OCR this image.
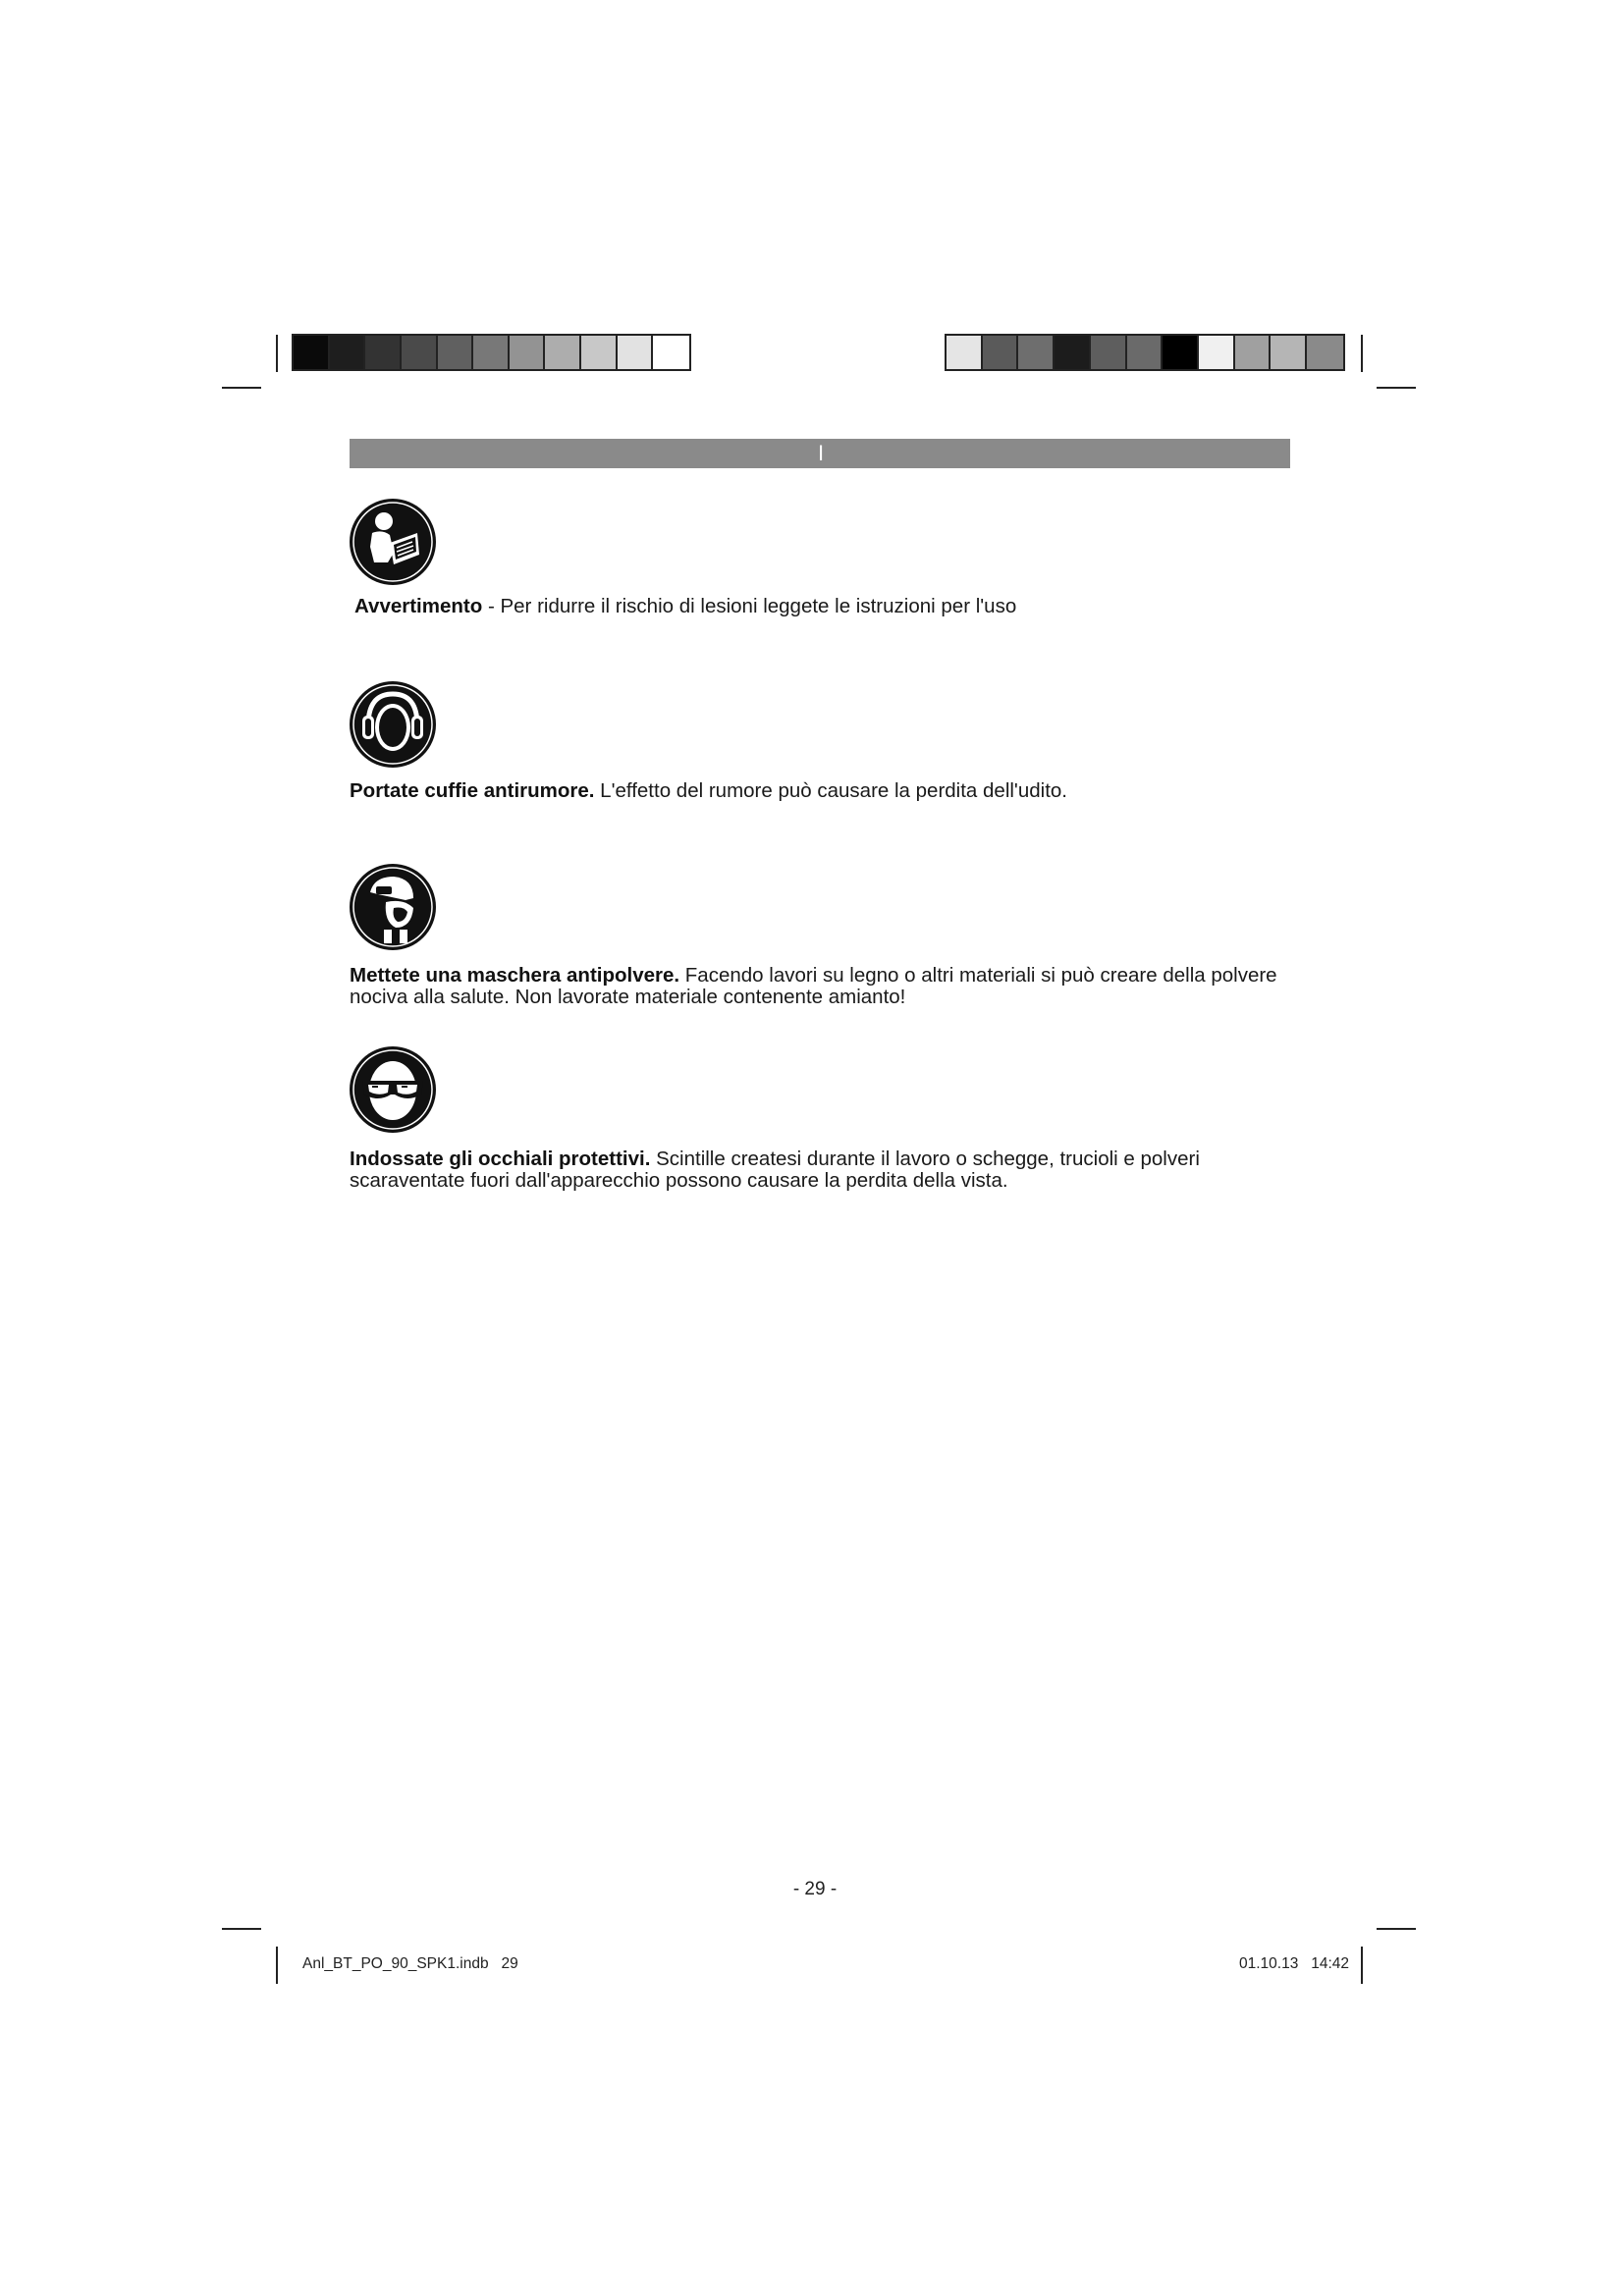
I
Avvertimento - Per ridurre il rischio di lesioni leggete le istruzioni per l'uso
Portate cuffie antirumore. L'effetto del rumore può causare la perdita dell'udito.
Mettete una maschera antipolvere. Facendo lavori su legno o altri materiali si può creare della polvere nociva alla salute. Non lavorate materiale contenente amianto!
Indossate gli occhiali protettivi. Scintille createsi durante il lavoro o schegge, trucioli e polveri scaraventate fuori dall'apparecchio possono causare la perdita della vista.
- 29 -
Anl_BT_PO_90_SPK1.indb   29	01.10.13   14:42
